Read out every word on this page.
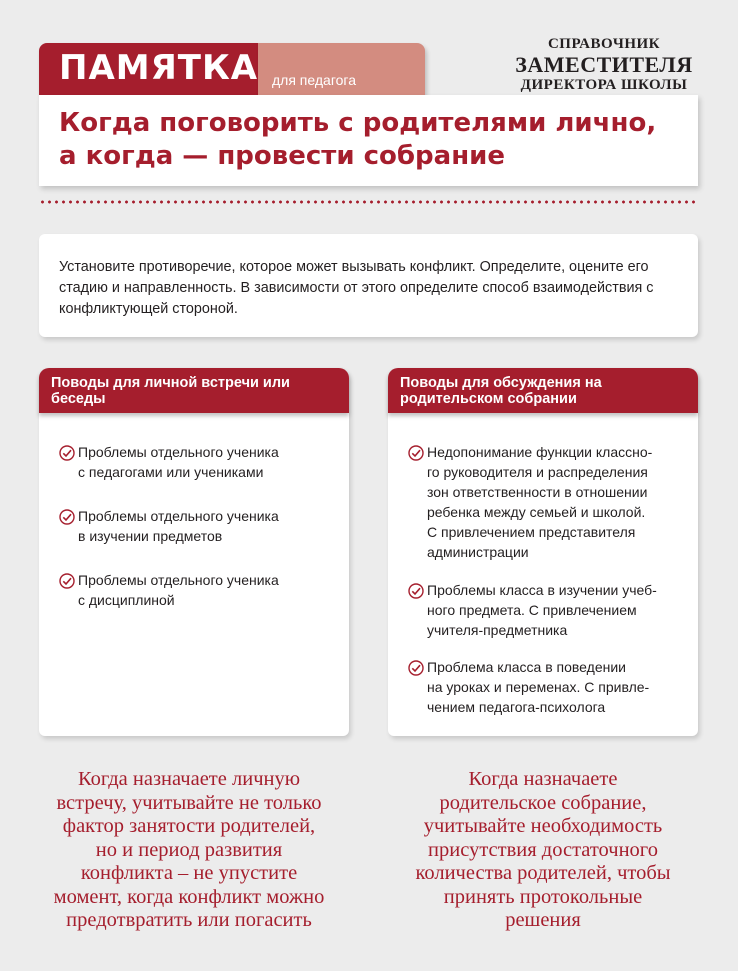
ПАМЯТКА для педагога
СПРАВОЧНИК
ЗАМЕСТИТЕЛЯ
ДИРЕКТОРА ШКОЛЫ
Когда поговорить с родителями лично, а когда — провести собрание

Установите противоречие, которое может вызывать конфликт. Определите, оцените его стадию и направленность. В зависимости от этого определите способ взаимодействия с конфликтующей стороной.

Поводы для личной встречи или беседы
Проблемы отдельного ученика
с педагогами или учениками
Проблемы отдельного ученика
в изучении предметов
Проблемы отдельного ученика
с дисциплиной
Поводы для обсуждения на родительском собрании
Недопонимание функции классно-
го руководителя и распределения
зон ответственности в отношении
ребенка между семьей и школой.
С привлечением представителя
администрации
Проблемы класса в изучении учеб-
ного предмета. С привлечением
учителя-предметника
Проблема класса в поведении
на уроках и переменах. С привле-
чением педагога-психолога
Когда назначаете личную
встречу, учитывайте не только
фактор занятости родителей,
но и период развития
конфликта – не упустите
момент, когда конфликт можно
предотвратить или погасить
Когда назначаете
родительское собрание,
учитывайте необходимость
присутствия достаточного
количества родителей, чтобы
принять протокольные
решения
